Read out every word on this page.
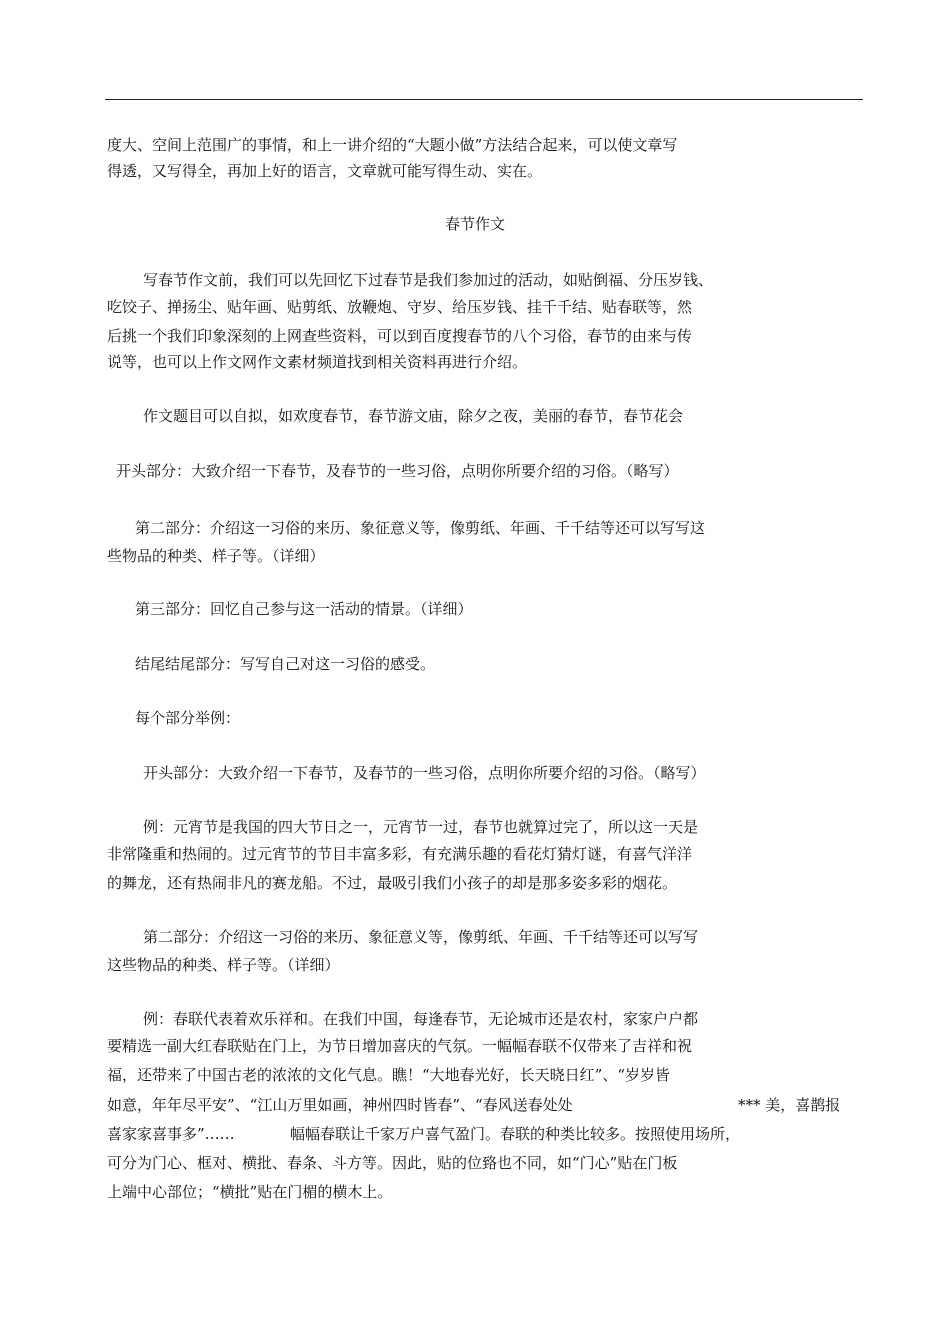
度大、空间上范围广的事情，和上一讲介绍的“大题小做”方法结合起来，可以使文章写
得透，又写得全，再加上好的语言，文章就可能写得生动、实在。
春节作文
写春节作文前，我们可以先回忆下过春节是我们参加过的活动，如贴倒福、分压岁钱、
吃饺子、掸扬尘、贴年画、贴剪纸、放鞭炮、守岁、给压岁钱、挂千千结、贴春联等，然
后挑一个我们印象深刻的上网查些资料，可以到百度搜春节的八个习俗，春节的由来与传
说等，也可以上作文网作文素材频道找到相关资料再进行介绍。
作文题目可以自拟，如欢度春节，春节游文庙，除夕之夜，美丽的春节，春节花会
开头部分：大致介绍一下春节，及春节的一些习俗，点明你所要介绍的习俗。（略写）
第二部分：介绍这一习俗的来历、象征意义等，像剪纸、年画、千千结等还可以写写这
些物品的种类、样子等。（详细）
第三部分：回忆自己参与这一活动的情景。（详细）
结尾结尾部分：写写自己对这一习俗的感受。
每个部分举例：
开头部分：大致介绍一下春节，及春节的一些习俗，点明你所要介绍的习俗。（略写）
例：元宵节是我国的四大节日之一，元宵节一过，春节也就算过完了，所以这一天是
非常隆重和热闹的。过元宵节的节目丰富多彩，有充满乐趣的看花灯猜灯谜，有喜气洋洋
的舞龙，还有热闹非凡的赛龙船。不过，最吸引我们小孩子的却是那多姿多彩的烟花。
第二部分：介绍这一习俗的来历、象征意义等，像剪纸、年画、千千结等还可以写写
这些物品的种类、样子等。（详细）
例：春联代表着欢乐祥和。在我们中国，每逢春节，无论城市还是农村，家家户户都
要精选一副大红春联贴在门上，为节日增加喜庆的气氛。一幅幅春联不仅带来了吉祥和祝
福，还带来了中国古老的浓浓的文化气息。瞧！“大地春光好，长天晓日红”、“岁岁皆
如意，年年尽平安”、“江山万里如画，神州四时皆春”、“春风送春处处	*** 美，喜鹊报
喜家家喜事多”……	幅幅春联让千家万户喜气盈门。春联的种类比较多。按照使用场所，
可分为门心、框对、横批、春条、斗方等。因此，贴的位臵也不同，如“门心”贴在门板
上端中心部位；“横批”贴在门楣的横木上。
